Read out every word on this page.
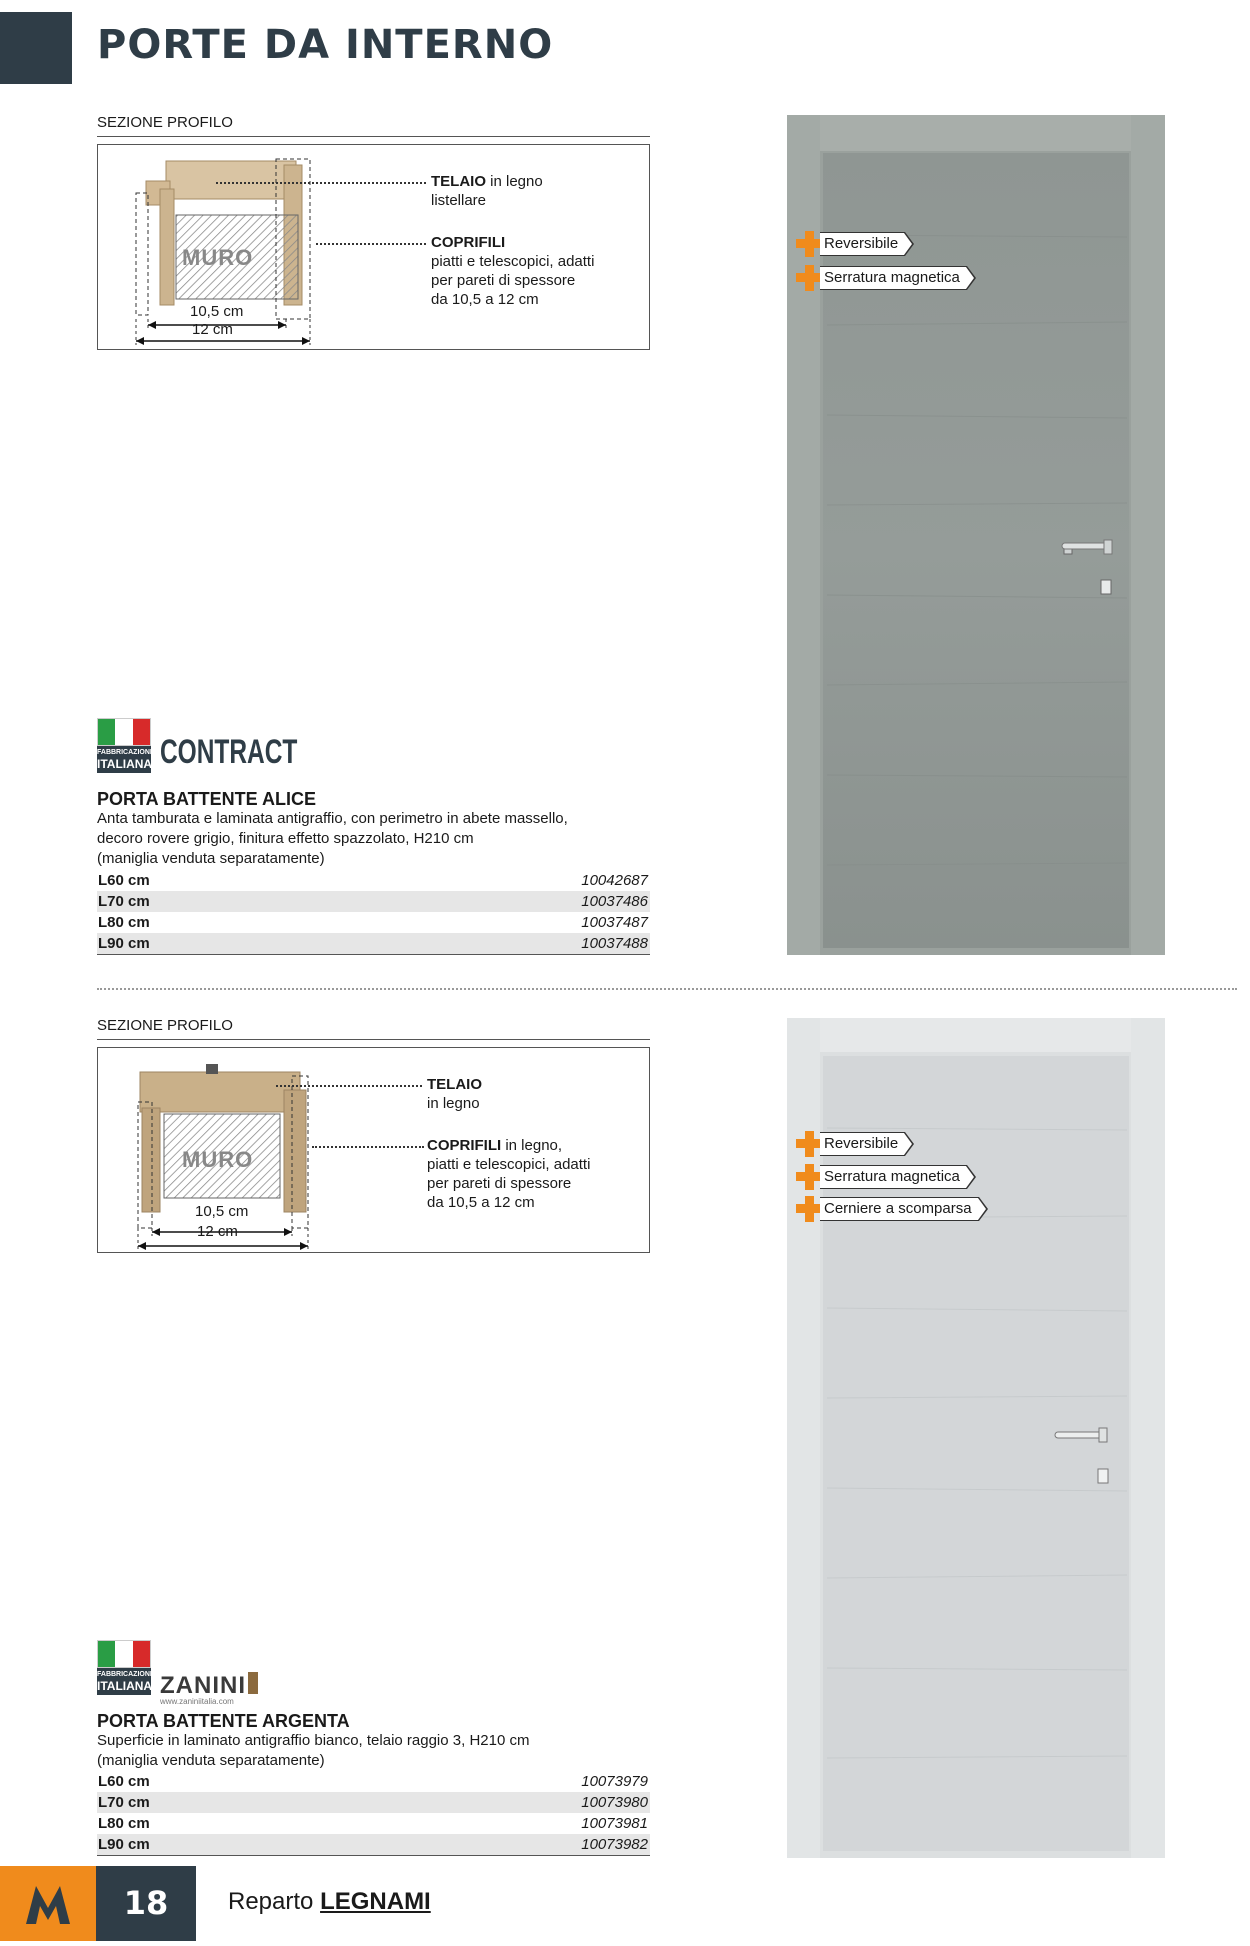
PORTE DA INTERNO
SEZIONE PROFILO
MURO
10,5 cm
12 cm
TELAIO in legno
listellare
COPRIFILI
piatti e telescopici, adatti
per pareti di spessore
da 10,5 a 12 cm
FABBRICAZIONE
ITALIANA CONTRACT
PORTA BATTENTE ALICE
Anta tamburata e laminata antigraffio, con perimetro in abete massello,
decoro rovere grigio, finitura effetto spazzolato, H210 cm
(maniglia venduta separatamente)
L60 cm	10042687
L70 cm	10037486
L80 cm	10037487
L90 cm	10037488
Reversibile
Serratura magnetica
SEZIONE PROFILO
MURO
10,5 cm
12 cm
TELAIO
in legno
COPRIFILI in legno,
piatti e telescopici, adatti
per pareti di spessore
da 10,5 a 12 cm
FABBRICAZIONE
ITALIANA ZANINI
www.zaniniitalia.com
PORTA BATTENTE ARGENTA
Superficie in laminato antigraffio bianco, telaio raggio 3, H210 cm
(maniglia venduta separatamente)
L60 cm	10073979
L70 cm	10073980
L80 cm	10073981
L90 cm	10073982
Reversibile
Serratura magnetica
Cerniere a scomparsa
18	Reparto LEGNAMI
